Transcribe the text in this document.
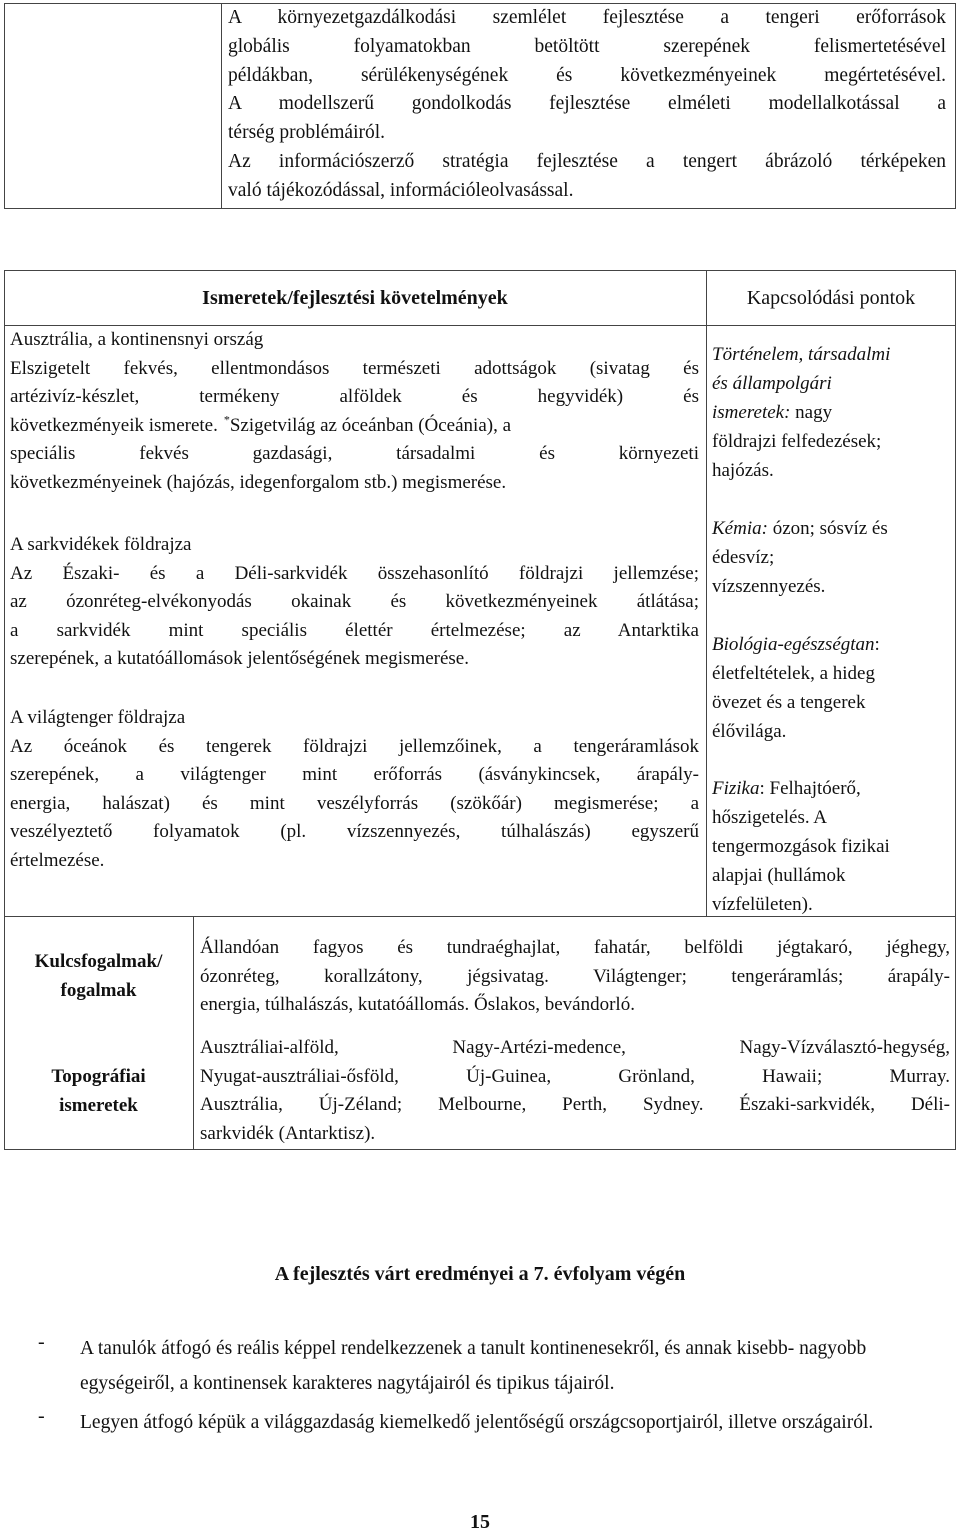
A környezetgazdálkodási szemlélet fejlesztése a tengeri erőforrások
globális folyamatokban betöltött szerepének felismertetésével
példákban, sérülékenységének és következményeinek megértetésével.
A modellszerű gondolkodás fejlesztése elméleti modellalkotással a
térség problémáiról.
Az információszerző stratégia fejlesztése a tengert ábrázoló térképeken
való tájékozódással, információleolvasással.
Ismeretek/fejlesztési követelmények	Kapcsolódási pontok
Ausztrália, a kontinensnyi ország
Elszigetelt fekvés, ellentmondásos természeti adottságok (sivatag és
artézivíz-készlet, termékeny alföldek és hegyvidék) és
következményeik ismerete. *Szigetvilág az óceánban (Óceánia), a
speciális fekvés gazdasági, társadalmi és környezeti
következményeinek (hajózás, idegenforgalom stb.) megismerése.
A sarkvidékek földrajza
Az Északi- és a Déli-sarkvidék összehasonlító földrajzi jellemzése;
az ózonréteg-elvékonyodás okainak és következményeinek átlátása;
a sarkvidék mint speciális élettér értelmezése; az Antarktika
szerepének, a kutatóállomások jelentőségének megismerése.
A világtenger földrajza
Az óceánok és tengerek földrajzi jellemzőinek, a tengeráramlások
szerepének, a világtenger mint erőforrás (ásványkincsek, árapály-
energia, halászat) és mint veszélyforrás (szökőár) megismerése; a
veszélyeztető folyamatok (pl. vízszennyezés, túlhalászás) egyszerű
értelmezése.
Történelem, társadalmi
és állampolgári
ismeretek: nagy
földrajzi felfedezések;
hajózás.
Kémia: ózon; sósvíz és
édesvíz;
vízszennyezés.
Biológia-egészségtan:
életfeltételek, a hideg
övezet és a tengerek
élővilága.
Fizika: Felhajtóerő,
hőszigetelés. A
tengermozgások fizikai
alapjai (hullámok
vízfelületen).
Kulcsfogalmak/
fogalmak
Állandóan fagyos és tundraéghajlat, fahatár, belföldi jégtakaró, jéghegy,
ózonréteg, korallzátony, jégsivatag. Világtenger; tengeráramlás; árapály-
energia, túlhalászás, kutatóállomás. Őslakos, bevándorló.
Topográfiai
ismeretek
Ausztráliai-alföld, Nagy-Artézi-medence, Nagy-Vízválasztó-hegység,
Nyugat-ausztráliai-ősföld, Új-Guinea, Grönland, Hawaii; Murray.
Ausztrália, Új-Zéland; Melbourne, Perth, Sydney. Északi-sarkvidék, Déli-
sarkvidék (Antarktisz).
A fejlesztés várt eredményei a 7. évfolyam végén
- A tanulók átfogó és reális képpel rendelkezzenek a tanult kontinenesekről, és annak kisebb- nagyobb egységeiről, a kontinensek karakteres nagytájairól és tipikus tájairól.
- Legyen átfogó képük a világgazdaság kiemelkedő jelentőségű országcsoportjairól, illetve országairól.
15
